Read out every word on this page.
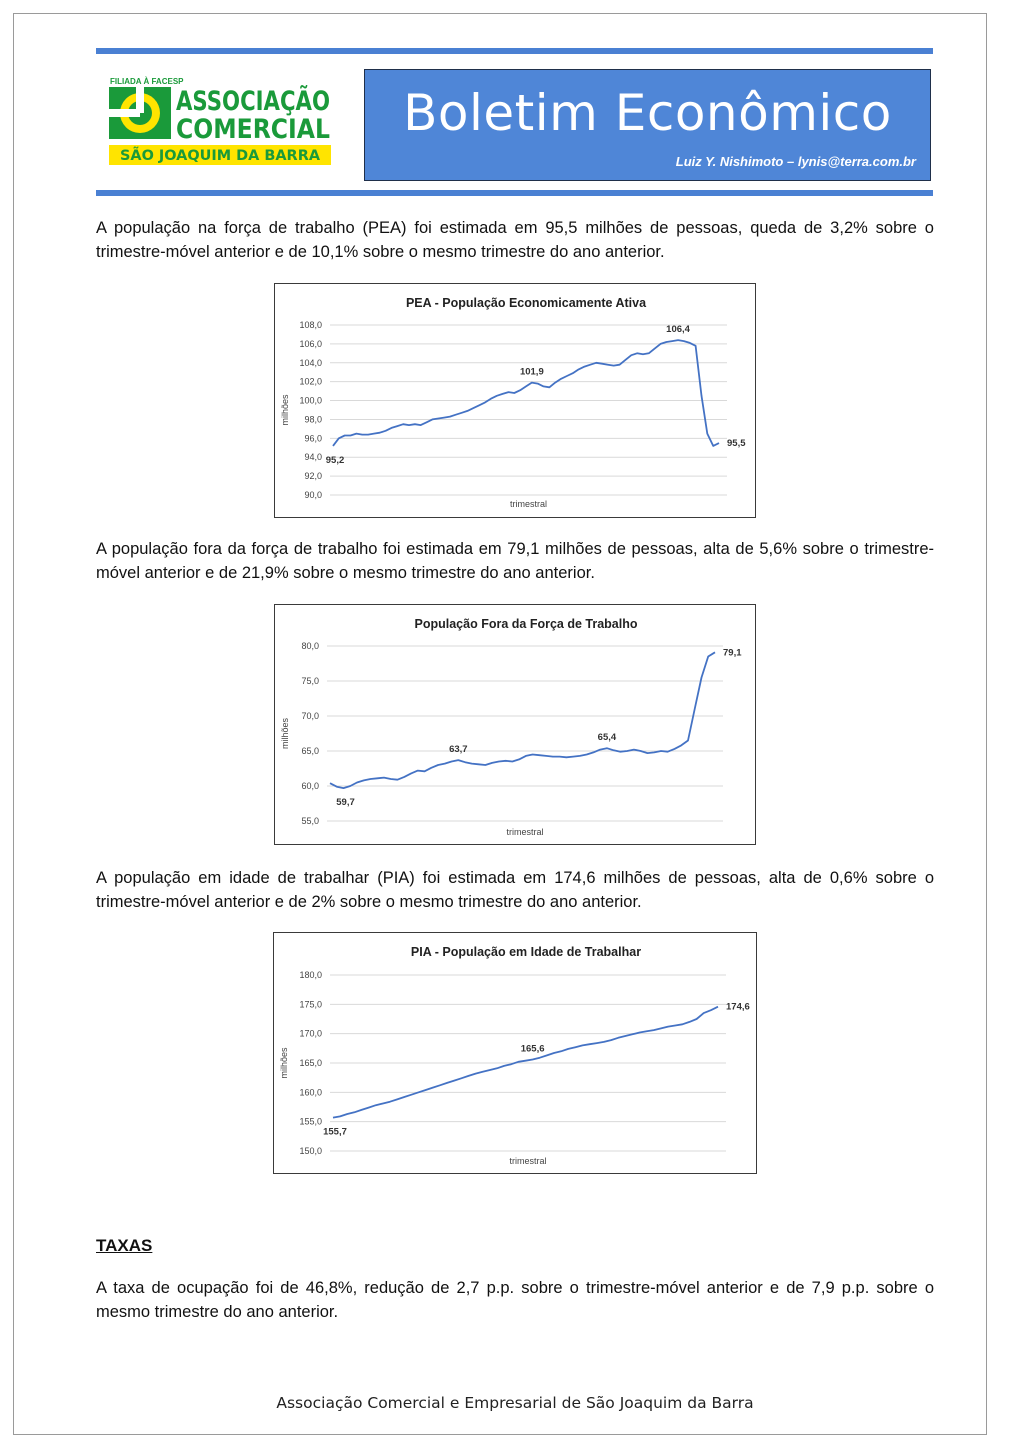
FILIADA À FACESP
ASSOCIAÇÃO
COMERCIAL
SÃO JOAQUIM DA BARRA
Boletim Econômico
Luiz Y. Nishimoto – lynis@terra.com.br

A população na força de trabalho (PEA) foi estimada em 95,5 milhões de pessoas, queda de 3,2% sobre o trimestre-móvel anterior e de 10,1% sobre o mesmo trimestre do ano anterior.

PEA - População Economicamente Ativa
90,0
92,0
94,0
96,0
98,0
100,0
102,0
104,0
106,0
108,0
milhões
trimestral
95,2
101,9
106,4
95,5

A população fora da força de trabalho foi estimada em 79,1 milhões de pessoas, alta de 5,6% sobre o trimestre-móvel anterior e de 21,9% sobre o mesmo trimestre do ano anterior.

População Fora da Força de Trabalho
55,0
60,0
65,0
70,0
75,0
80,0
milhões
trimestral
59,7
63,7
65,4
79,1

A população em idade de trabalhar (PIA) foi estimada em 174,6 milhões de pessoas, alta de 0,6% sobre o trimestre-móvel anterior e de 2% sobre o mesmo trimestre do ano anterior.

PIA - População em Idade de Trabalhar
150,0
155,0
160,0
165,0
170,0
175,0
180,0
milhões
trimestral
155,7
165,6
174,6

TAXAS

A taxa de ocupação foi de 46,8%, redução de 2,7 p.p. sobre o trimestre-móvel anterior e de 7,9 p.p. sobre o mesmo trimestre do ano anterior.

Associação Comercial e Empresarial de São Joaquim da Barra
